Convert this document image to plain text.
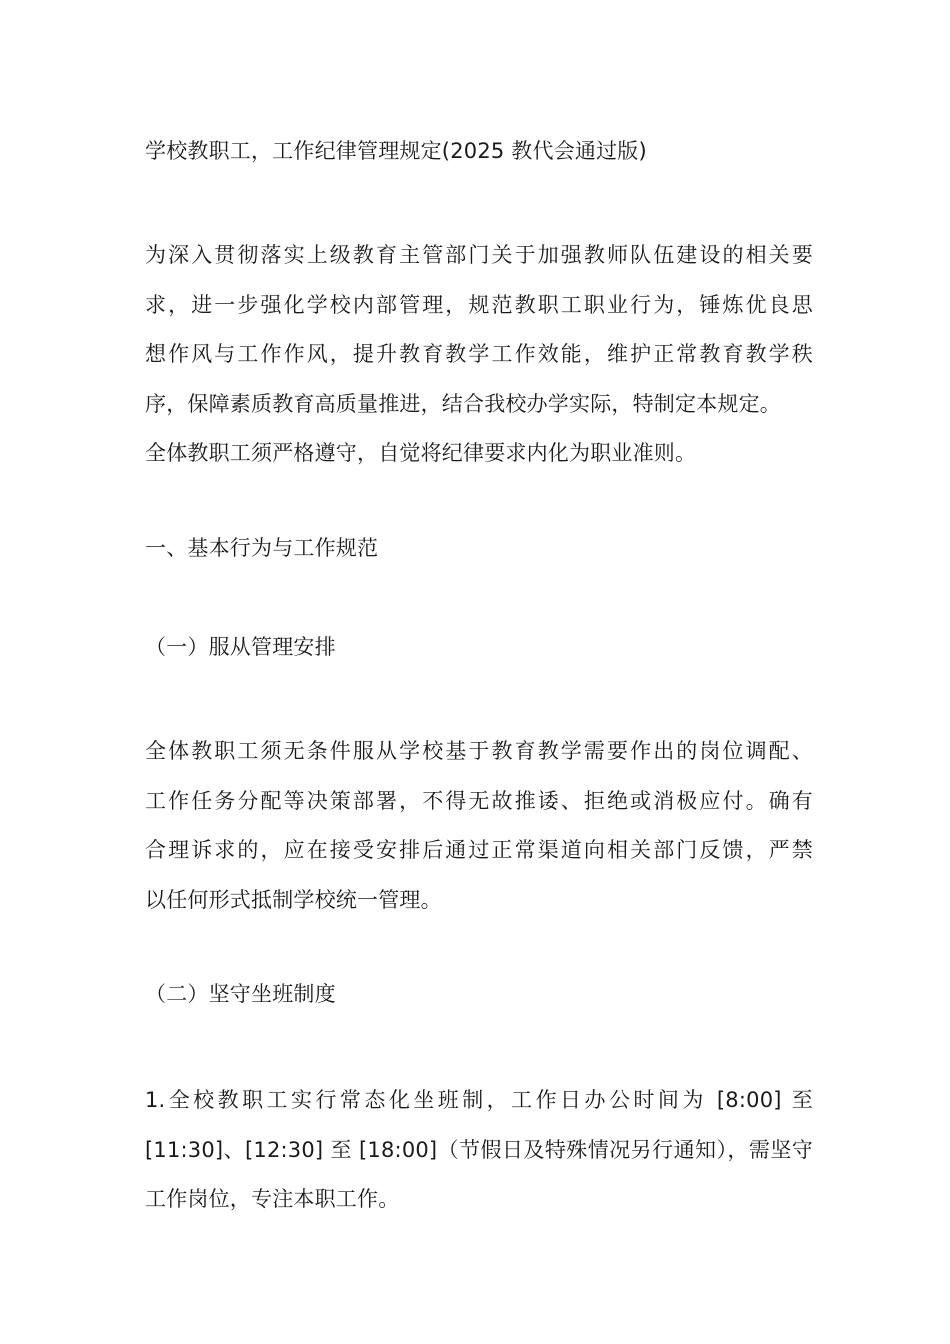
学校教职工，工作纪律管理规定(2025 教代会通过版)
为深入贯彻落实上级教育主管部门关于加强教师队伍建设的相关要
求，进一步强化学校内部管理，规范教职工职业行为，锤炼优良思
想作风与工作作风，提升教育教学工作效能，维护正常教育教学秩
序，保障素质教育高质量推进，结合我校办学实际，特制定本规定。
全体教职工须严格遵守，自觉将纪律要求内化为职业准则。
一、基本行为与工作规范
（一）服从管理安排
全体教职工须无条件服从学校基于教育教学需要作出的岗位调配、
工作任务分配等决策部署，不得无故推诿、拒绝或消极应付。确有
合理诉求的，应在接受安排后通过正常渠道向相关部门反馈，严禁
以任何形式抵制学校统一管理。
（二）坚守坐班制度
1.全校教职工实行常态化坐班制，工作日办公时间为 [8:00] 至
[11:30]、[12:30] 至 [18:00]（节假日及特殊情况另行通知），需坚守
工作岗位，专注本职工作。
